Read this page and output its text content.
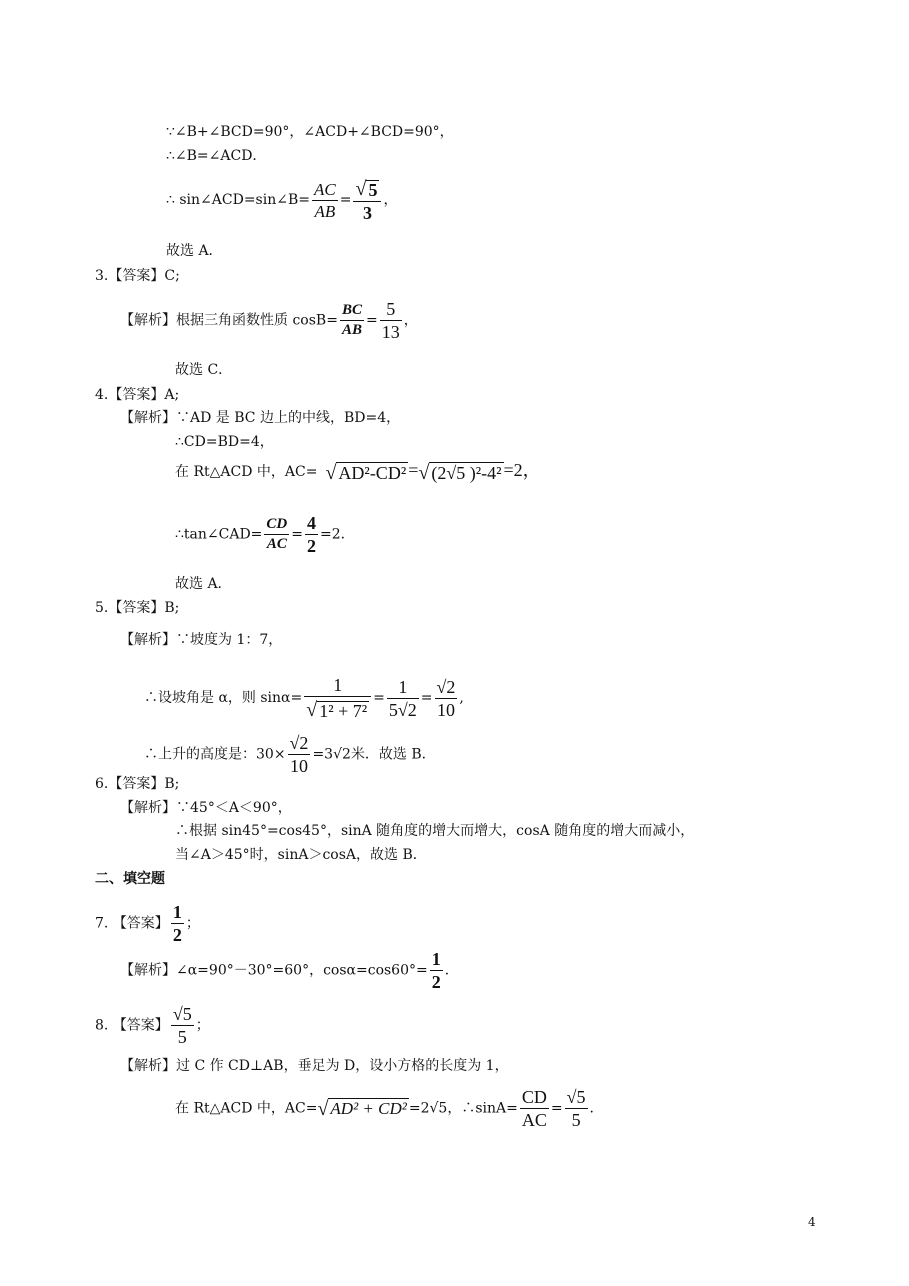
∵∠B+∠BCD=90°，∠ACD+∠BCD=90°，
∴∠B=∠ACD．
∴ sin∠ACD=sin∠B= $\frac{AC}{AB} = \frac{√ 5}{3}$ ，
故选 A．
3.【答案】C;
【解析】根据三角函数性质 $\cos B= \frac{BC}{AB} = \frac{5}{13}$ ，
故选 C．
4.【答案】A;
【解析】∵AD 是 BC 边上的中线，BD=4，
∴CD=BD=4，
在 Rt△ACD 中，AC= √ AD²-CD² =√ (2√5 )²-4² =2，
∴tan∠CAD= $\frac{CD}{AC} = \frac{4}{2} =2$．
故选 A．
5.【答案】B;
【解析】∵坡度为 1：7，
∴设坡角是 α，则 $\sin\alpha= \frac{1}{\text{√ 1² + 7²}} = \frac{1}{5√2} = \frac{√2}{10}$ ,
∴上升的高度是：$30\times \frac{√2}{10} =3√2$米．故选 B．
6.【答案】B;
【解析】∵45°＜A＜90°，
∴根据 sin45°=cos45°，sinA 随角度的增大而增大，cosA 随角度的增大而减小，
当∠A＞45°时，sinA＞cosA，故选 B．
二、填空题
7. 【答案】 $\frac{1}{2}$ ；
【解析】∠α=90°－30°=60°，$\cos\alpha=\cos 60^\circ= \frac{1}{2}$ ．
8. 【答案】 $\frac{√5}{5}$ ；
【解析】过 C 作 CD⊥AB，垂足为 D，设小方格的长度为 1，
在 Rt△ACD 中，AC=√ AD² + CD² =2√5，∴sinA= $\frac{CD}{AC} = \frac{√5}{5}$ ．
4
